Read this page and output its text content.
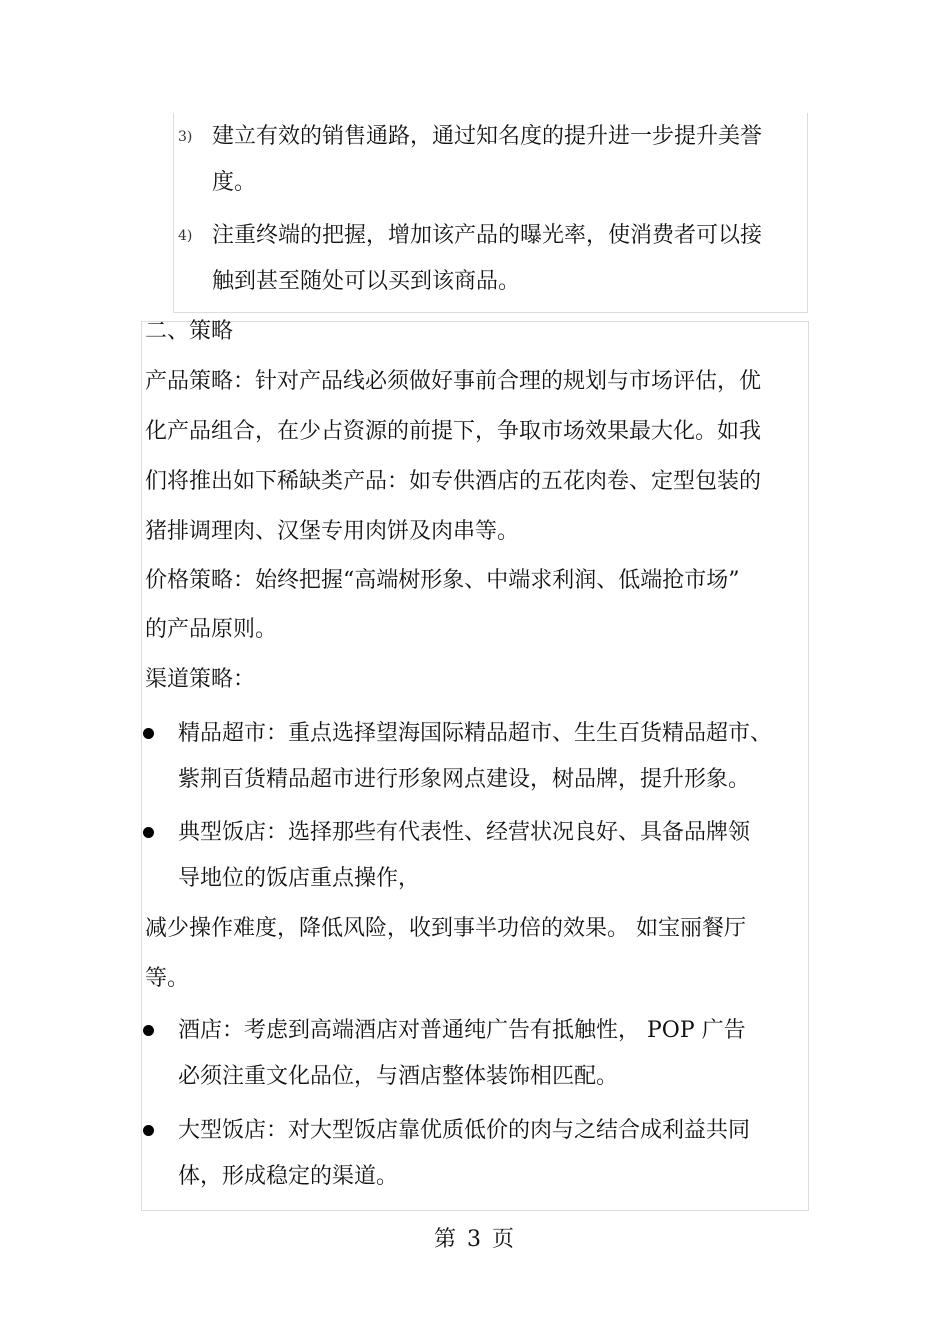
3) 建立有效的销售通路，通过知名度的提升进一步提升美誉
度。
4) 注重终端的把握，增加该产品的曝光率，使消费者可以接
触到甚至随处可以买到该商品。
二、策略
产品策略：针对产品线必须做好事前合理的规划与市场评估，优
化产品组合，在少占资源的前提下，争取市场效果最大化。如我
们将推出如下稀缺类产品：如专供酒店的五花肉卷、定型包装的
猪排调理肉、汉堡专用肉饼及肉串等。
价格策略：始终把握“高端树形象、中端求利润、低端抢市场”
的产品原则。
渠道策略：
精品超市：重点选择望海国际精品超市、生生百货精品超市、
紫荆百货精品超市进行形象网点建设，树品牌，提升形象。
典型饭店：选择那些有代表性、经营状况良好、具备品牌领
导地位的饭店重点操作，
减少操作难度，降低风险，收到事半功倍的效果。 如宝丽餐厅
等。
酒店：考虑到高端酒店对普通纯广告有抵触性， POP 广告
必须注重文化品位，与酒店整体装饰相匹配。
大型饭店：对大型饭店靠优质低价的肉与之结合成利益共同
体，形成稳定的渠道。
第 3 页
